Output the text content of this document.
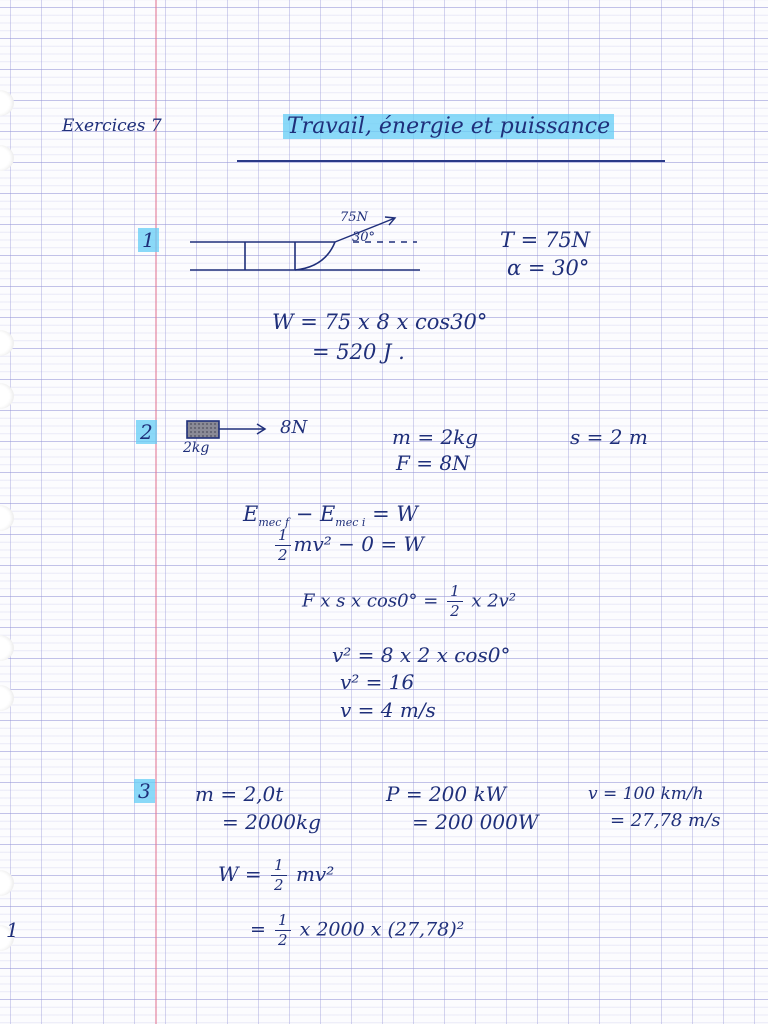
Exercices 7	Travail, énergie et puissance
1
75N
30°	T = 75N
α = 30°
W = 75 x 8 x cos30°
= 520 J .
2
2kg
8N	m = 2kg
F = 8N
s = 2 m
$E_{mec f} - E_{mec i} = W$
$\frac{1}{2} mv^2 - 0 = W$
F x s x $\cos 0^\circ = \frac{1}{2}$ x 2v²
v² = 8 x 2 x cos0°
v² = 16
v = 4 m/s
3 m = 2,0t
= 2000kg
P = 200 kW
= 200 000W
v = 100 km/h
= 27,78 m/s
$W = \frac{1}{2} mv^2$
= $\frac{1}{2}$ x 2000 x (27,78)²
1
